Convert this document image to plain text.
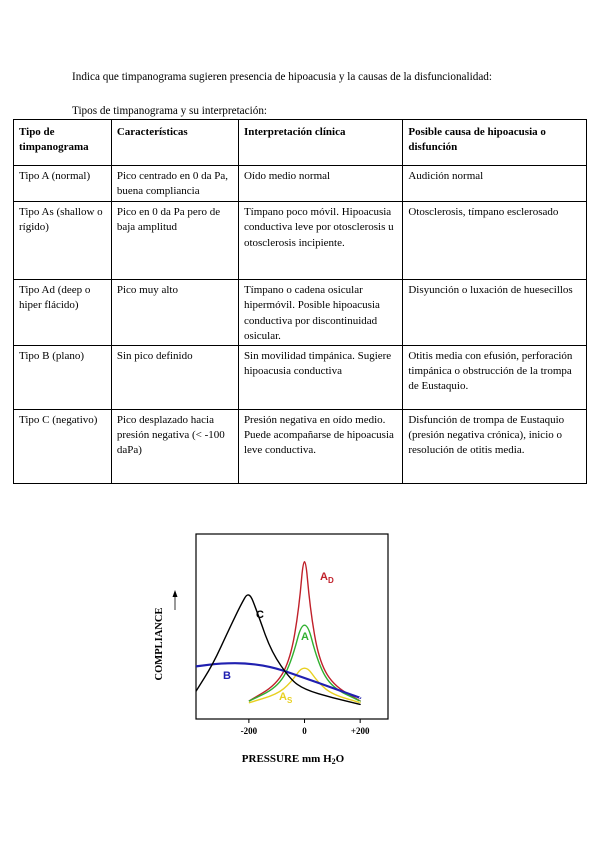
Indica que timpanograma sugieren presencia de hipoacusia y la causas de la disfuncionalidad:
Tipos de timpanograma y su interpretación:
Tipo de timpanograma	Características	Interpretación clínica	Posible causa de hipoacusia o disfunción
Tipo A (normal)	Pico centrado en 0 da Pa, buena compliancia	Oído medio normal	Audición normal
Tipo As (shallow o rígido)	Pico en 0 da Pa pero de baja amplitud	Tímpano poco móvil. Hipoacusia conductiva leve por otosclerosis u otosclerosis incipiente.	Otosclerosis, tímpano esclerosado
Tipo Ad (deep o hiper flácido)	Pico muy alto	Tímpano o cadena osicular hipermóvil. Posible hipoacusia conductiva por discontinuidad osicular.	Disyunción o luxación de huesecillos
Tipo B (plano)	Sin pico definido	Sin movilidad timpánica. Sugiere hipoacusia conductiva	Otitis media con efusión, perforación timpánica o obstrucción de la trompa de Eustaquio.
Tipo C (negativo)	Pico desplazado hacia presión negativa (< -100 daPa)	Presión negativa en oído medio. Puede acompañarse de hipoacusia leve conductiva.	Disfunción de trompa de Eustaquio (presión negativa crónica), inicio o resolución de otitis media.
-200	0	+200
COMPLIANCE
PRESSURE mm H2O
$A_D$
A
$A_S$
B
C
